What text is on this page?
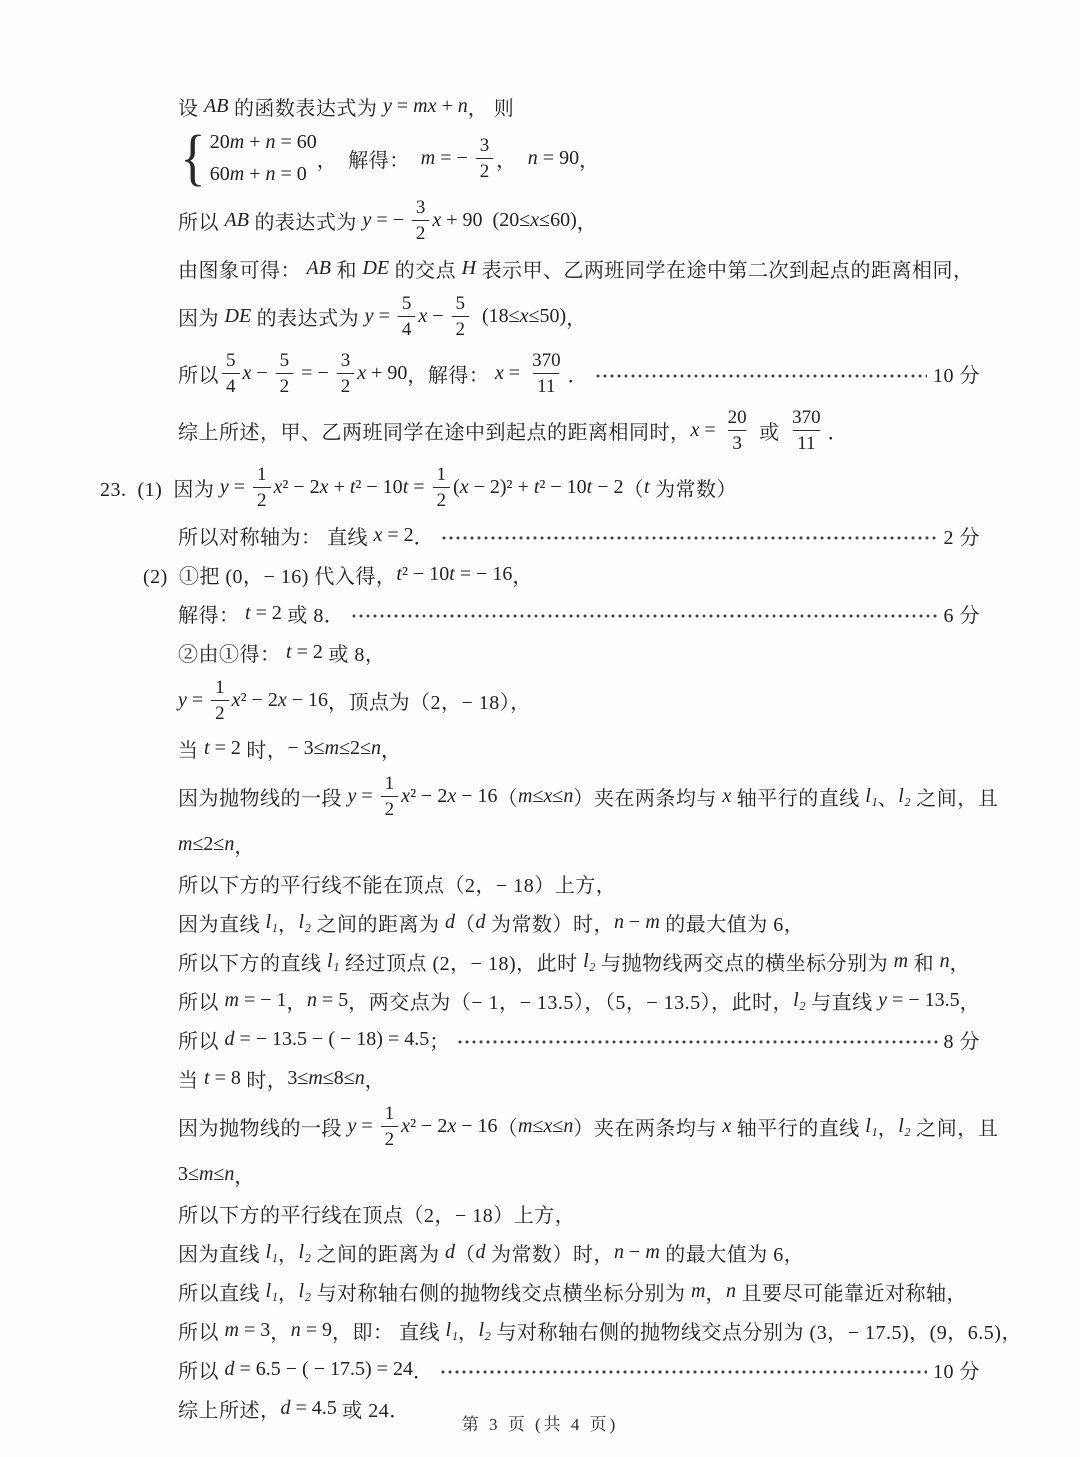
设 AB 的函数表达式为 y = mx + n ， 则
{ 20m + n = 60
60m + n = 0
，  解得： m = − $\frac{3}{2}$ ， n = 90 ，
所以 AB 的表达式为 y = − $\frac{3}{2}$ x + 90  (20≤x≤60) ，
由图象可得： AB 和 DE 的交点 H 表示甲、乙两班同学在途中第二次到起点的距离相同，
因为 DE 的表达式为 $y = \frac{5}{4}$ $x - \frac{5}{2} (18\le x\le 50)$ ，
所以 $\frac{5}{4}$ $x - \frac{5}{2}$ = − $\frac{3}{2}$ x + 90 ，解得： $x = \frac{370}{11}$ ．	10 分
综上所述，甲、乙两班同学在途中到起点的距离相同时， $x = \frac{20}{3}$ 或 $\frac{370}{11}$ ．
23.  (1)  因为 $y = \frac{1}{2} x^2 - 2x + t^2 - 10t = \frac{1}{2} (x - 2)^2 + t^2 - 10t - 2$ （ t 为常数）
所以对称轴为： 直线 x = 2 ．	2 分
(2)  ①把 (0，− 16) 代入得， t² − 10t = − 16 ，
解得： t = 2 或 8．	6 分
②由①得： t = 2 或 8，
$y = \frac{1}{2} x^2 - 2x - 16$ ，顶点为（2，− 18），
当 t = 2 时， − 3≤m≤2≤n ，
因为抛物线的一段 $y = \frac{1}{2} x^2 - 2x - 16$ （ m≤x≤n ）夹在两条均与 x 轴平行的直线 l₁ 、 l₂ 之间，且
m≤2≤n ，
所以下方的平行线不能在顶点（2，− 18）上方，
因为直线 l₁ ， l₂ 之间的距离为 d （ d 为常数）时， n − m 的最大值为 6，
所以下方的直线 l₁ 经过顶点 (2，− 18)，此时 l₂ 与抛物线两交点的横坐标分别为 m 和 n ，
所以 m = − 1 ， n = 5 ，两交点为（− 1，− 13.5），（5，− 13.5），此时， l₂ 与直线 y = − 13.5 ，
所以 d = − 13.5 − ( − 18) = 4.5 ；	8 分
当 t = 8 时， 3≤m≤8≤n ，
因为抛物线的一段 $y = \frac{1}{2} x^2 - 2x - 16$ （ m≤x≤n ）夹在两条均与 x 轴平行的直线 l₁ ， l₂ 之间，且
3≤m≤n ，
所以下方的平行线在顶点（2，− 18）上方，
因为直线 l₁ ， l₂ 之间的距离为 d （ d 为常数）时， n − m 的最大值为 6，
所以直线 l₁ ， l₂ 与对称轴右侧的抛物线交点横坐标分别为 m ， n 且要尽可能靠近对称轴，
所以 m = 3 ， n = 9 ，即： 直线 l₁ ， l₂ 与对称轴右侧的抛物线交点分别为 (3，− 17.5)，(9，6.5)，
所以 d = 6.5 − ( − 17.5) = 24 ．	10 分
综上所述， d = 4.5 或 24．
第 3 页 (共 4 页)
